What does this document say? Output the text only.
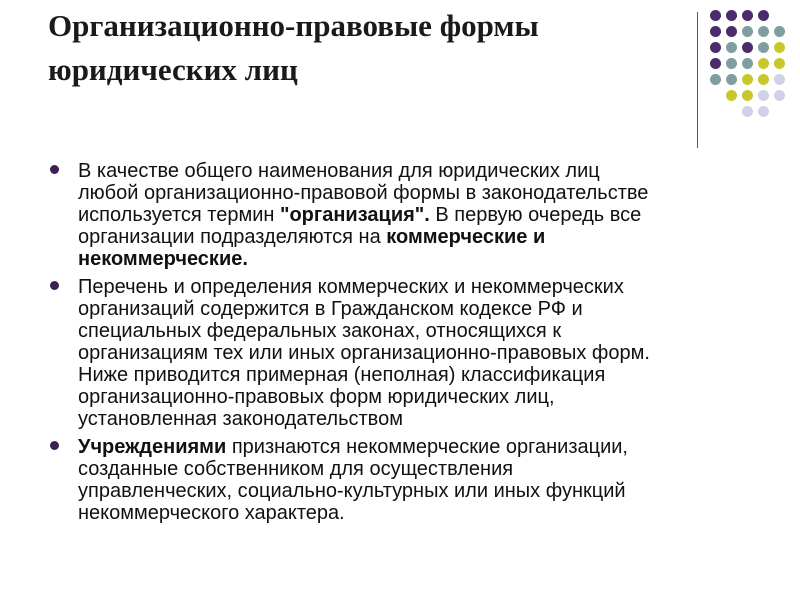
Организационно-правовые формы
юридических лиц
В качестве общего наименования для юридических лиц
любой организационно-правовой формы в законодательстве
используется термин "организация". В первую очередь все
организации подразделяются на коммерческие и
некоммерческие.
Перечень и определения коммерческих и некоммерческих
организаций содержится в Гражданском кодексе РФ и
специальных федеральных законах, относящихся к
организациям тех или иных организационно-правовых форм.
Ниже приводится примерная (неполная) классификация
организационно-правовых форм юридических лиц,
установленная законодательством
Учреждениями признаются некоммерческие организации,
созданные собственником для осуществления
управленческих, социально-культурных или иных функций
некоммерческого характера.
